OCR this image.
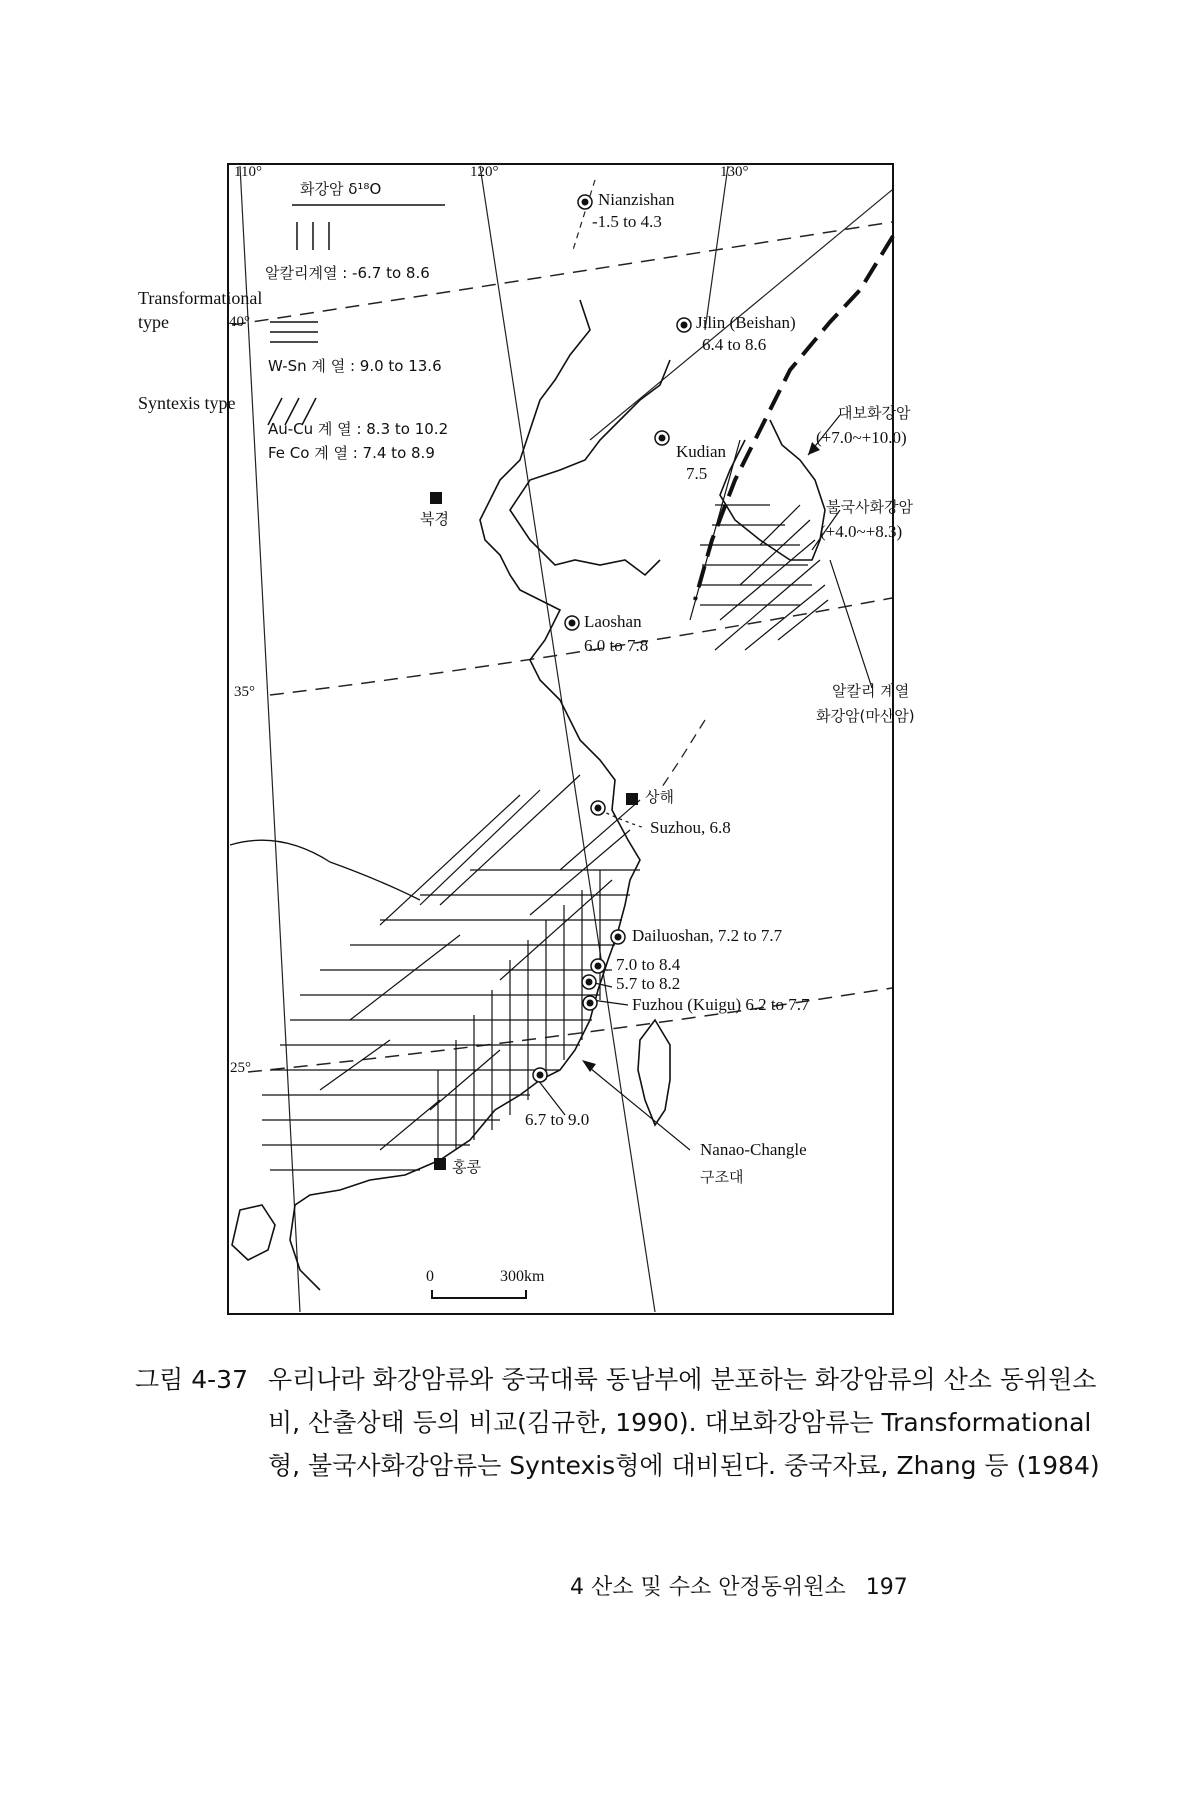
110°	120°	130°
40°
35°
25°
화강암 δ¹⁸O
알칼리계열 : -6.7 to 8.6
Transformational
type
W-Sn 계 열 : 9.0 to 13.6
Syntexis type
Au-Cu 계 열 : 8.3 to 10.2
Fe Co 계 열 : 7.4 to 8.9
북경
상해
홍콩
Nianzishan
-1.5 to 4.3
Jilin (Beishan)
6.4 to 8.6
Kudian
7.5
Laoshan
6.0 to 7.8
Suzhou, 6.8
Dailuoshan, 7.2 to 7.7
7.0 to 8.4
5.7 to 8.2
Fuzhou (Kuigu) 6.2 to 7.7
6.7 to 9.0
대보화강암
(+7.0~+10.0)
불국사화강암
(+4.0~+8.3)
알칼리 계열
화강암(마산암)
Nanao-Changle
구조대
0	300km
그림 4-37 우리나라 화강암류와 중국대륙 동남부에 분포하는 화강암류의 산소 동위원소비, 산출상태 등의 비교(김규한, 1990). 대보화강암류는 Transformational형, 불국사화강암류는 Syntexis형에 대비된다. 중국자료, Zhang 등 (1984)
4 산소 및 수소 안정동위원소 197
